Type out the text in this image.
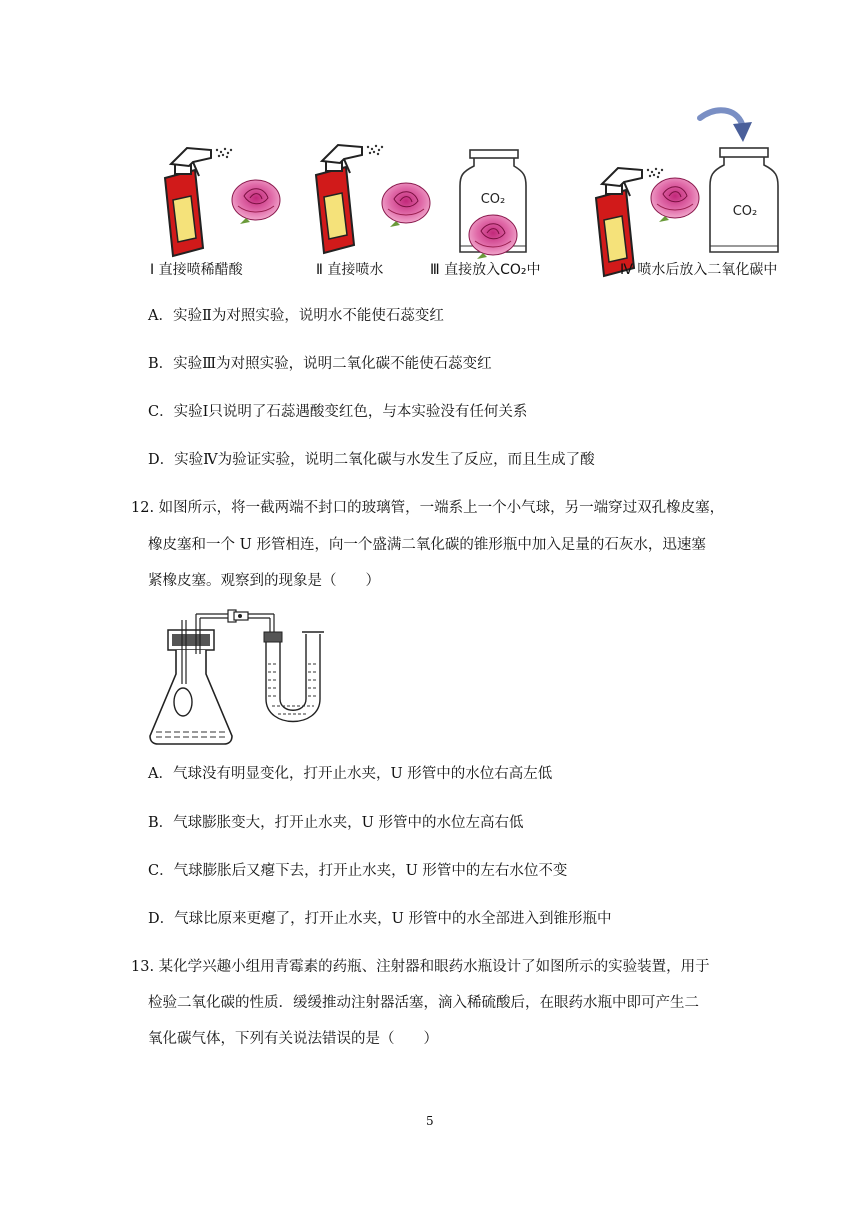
CO₂
CO₂
Ⅰ 直接喷稀醋酸	Ⅱ 直接喷水	Ⅲ 直接放入CO₂中	Ⅳ 喷水后放入二氧化碳中
A．实验Ⅱ为对照实验，说明水不能使石蕊变红
B．实验Ⅲ为对照实验，说明二氧化碳不能使石蕊变红
C．实验Ⅰ只说明了石蕊遇酸变红色，与本实验没有任何关系
D．实验Ⅳ为验证实验，说明二氧化碳与水发生了反应，而且生成了酸
12. 如图所示，将一截两端不封口的玻璃管，一端系上一个小气球，另一端穿过双孔橡皮塞，
橡皮塞和一个 U 形管相连，向一个盛满二氧化碳的锥形瓶中加入足量的石灰水，迅速塞
紧橡皮塞。观察到的现象是（　　）
A．气球没有明显变化，打开止水夹，U 形管中的水位右高左低
B．气球膨胀变大，打开止水夹，U 形管中的水位左高右低
C．气球膨胀后又瘪下去，打开止水夹，U 形管中的左右水位不变
D．气球比原来更瘪了，打开止水夹，U 形管中的水全部进入到锥形瓶中
13. 某化学兴趣小组用青霉素的药瓶、注射器和眼药水瓶设计了如图所示的实验装置，用于
检验二氧化碳的性质．缓缓推动注射器活塞，滴入稀硫酸后，在眼药水瓶中即可产生二
氧化碳气体，下列有关说法错误的是（　　）
5
